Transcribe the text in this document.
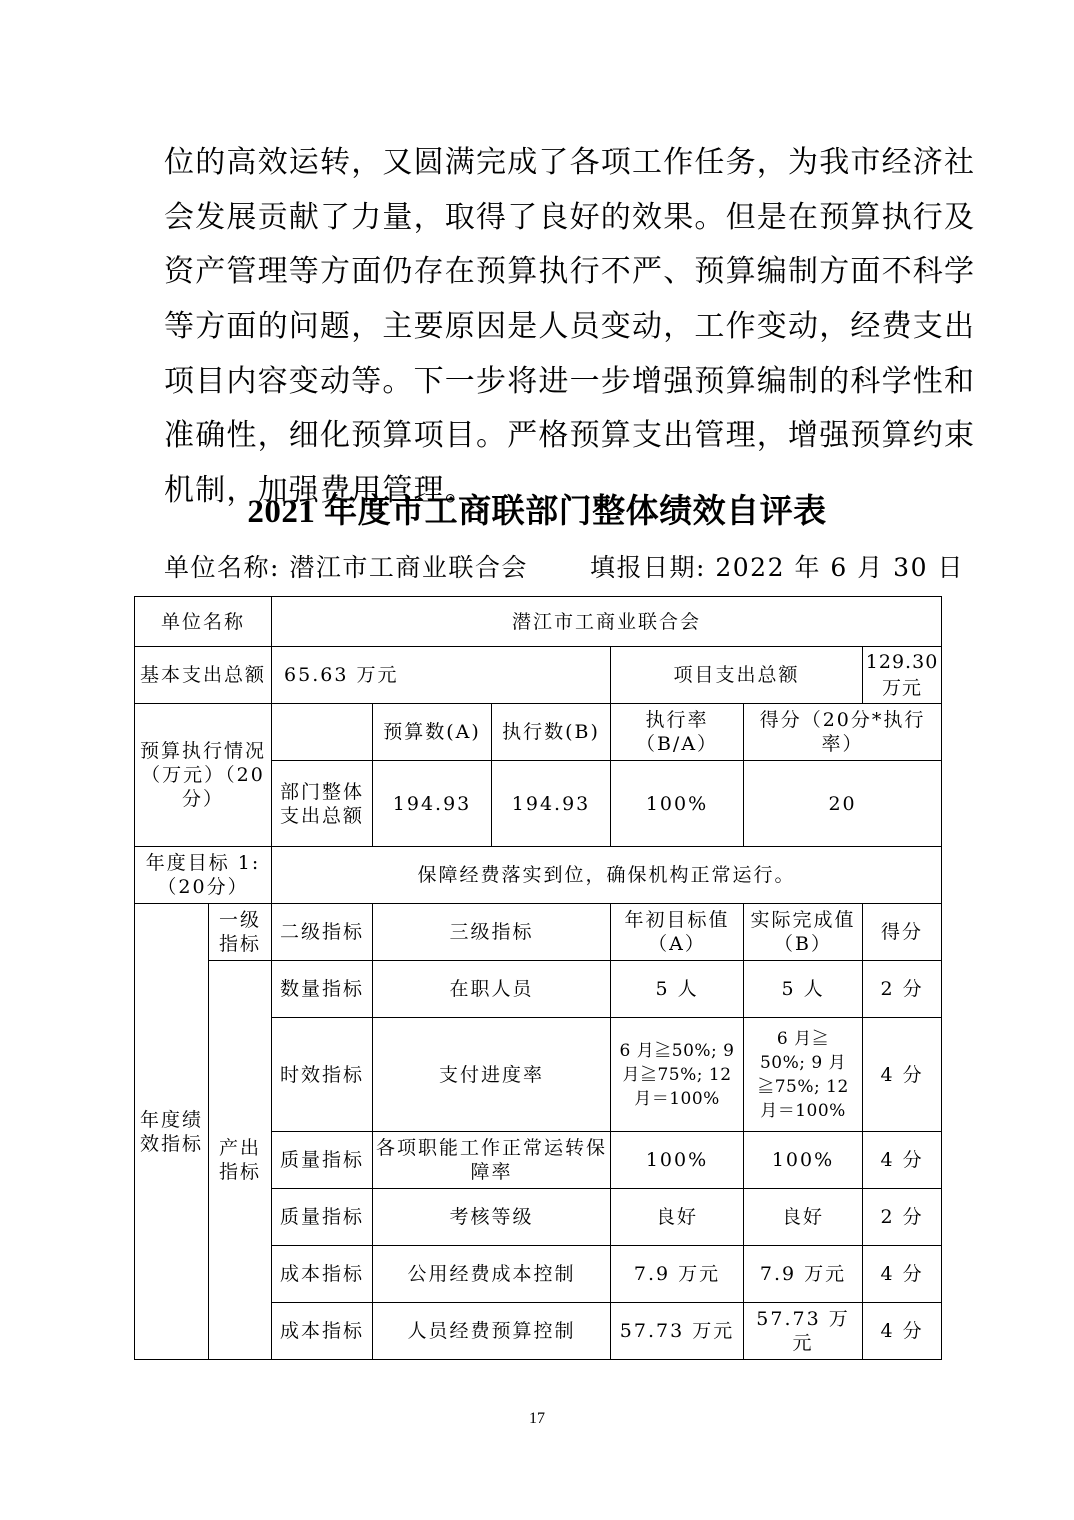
位的高效运转，又圆满完成了各项工作任务，为我市经济社
会发展贡献了力量，取得了良好的效果。但是在预算执行及
资产管理等方面仍存在预算执行不严、预算编制方面不科学
等方面的问题，主要原因是人员变动，工作变动，经费支出
项目内容变动等。下一步将进一步增强预算编制的科学性和
准确性，细化预算项目。严格预算支出管理，增强预算约束
机制，加强费用管理。
2021 年度市工商联部门整体绩效自评表
单位名称: 潜江市工商业联合会 填报日期: 2022 年 6 月 30 日
单位名称		潜江市工商业联合会					
基本支出总额		65.63 万元			项目支出总额		129.30 万元
预算执行情况（万元）（20分）			预算数(A)	执行数(B)	执行率（B/A）	得分（20分*执行率）	
		部门整体支出总额	194.93	194.93	100%	20	
年度目标 1:（20分）		保障经费落实到位，确保机构正常运行。					
年度绩效指标	一级指标	二级指标	三级指标		年初目标值（A）	实际完成值（B）	得分
	产出指标	数量指标	在职人员		5 人	5 人	2 分
		时效指标	支付进度率		6 月≧50%; 9 月≧75%; 12 月＝100%	6 月≧ 50%; 9 月 ≧75%; 12 月＝100%	4 分
		质量指标	各项职能工作正常运转保障率		100%	100%	4 分
		质量指标	考核等级		良好	良好	2 分
		成本指标	公用经费成本控制		7.9 万元	7.9 万元	4 分
		成本指标	人员经费预算控制		57.73 万元	57.73 万元	4 分
17
